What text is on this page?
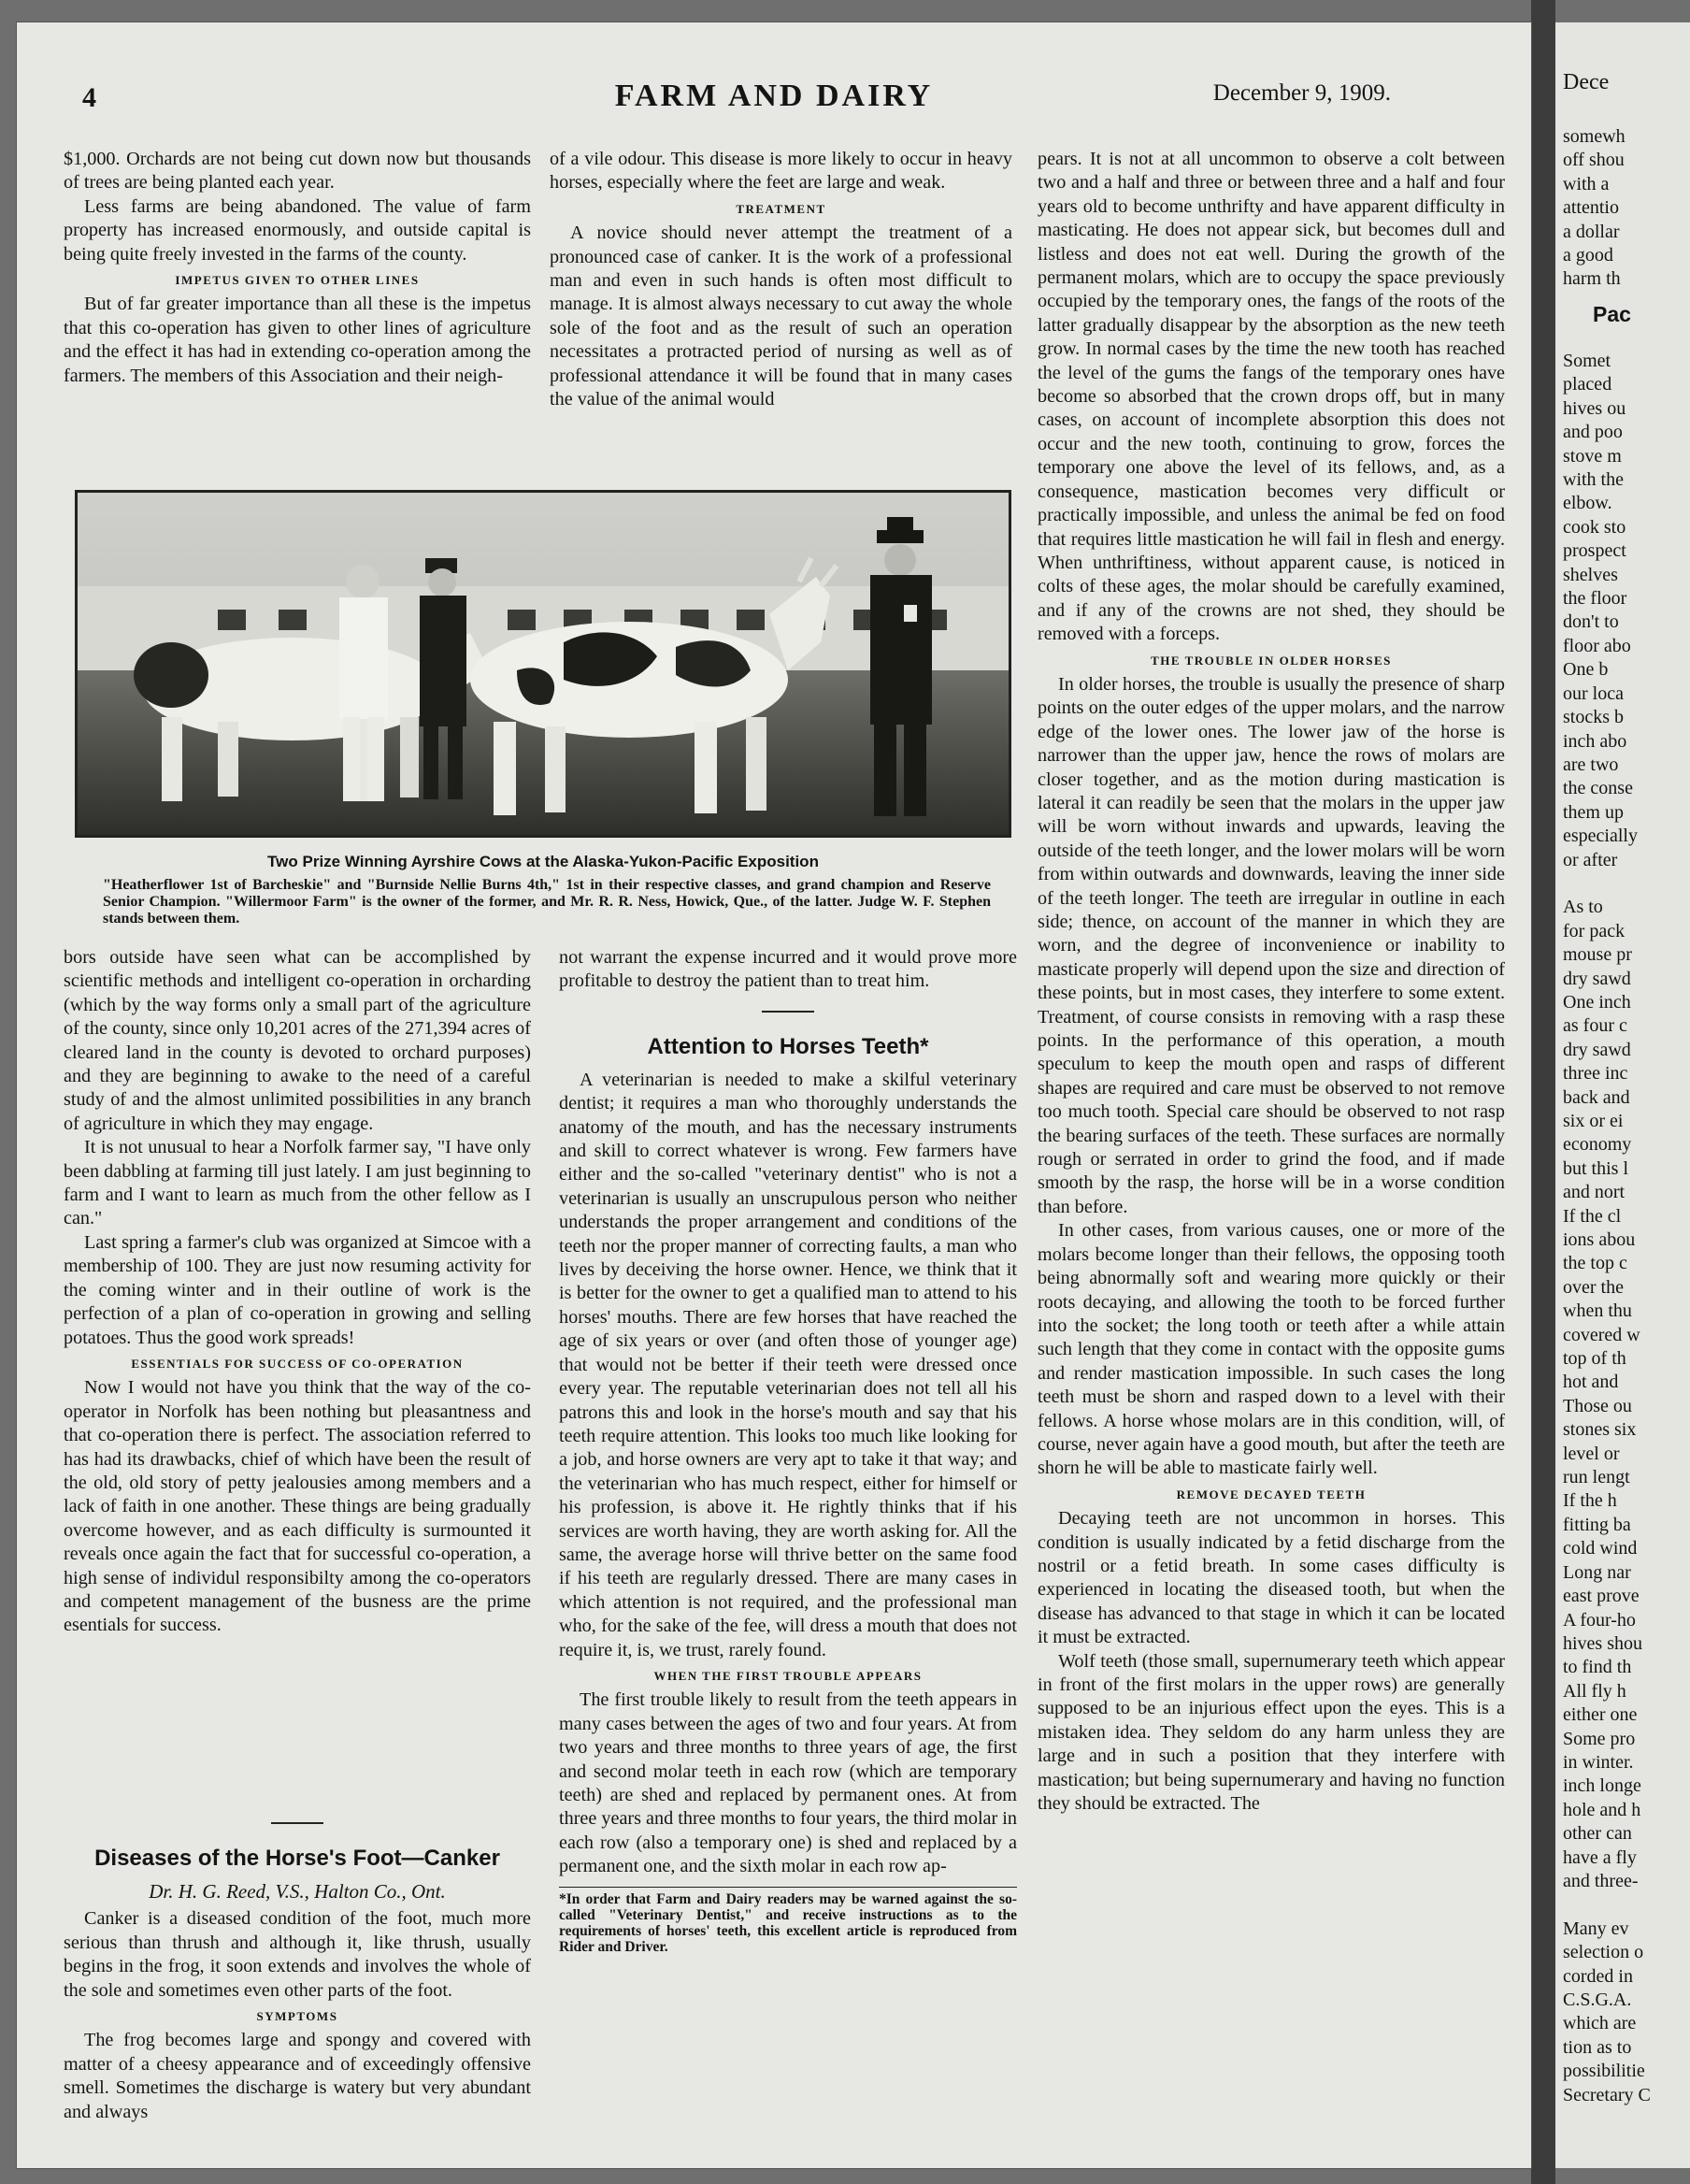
4	FARM AND DAIRY	December 9, 1909.

$1,000. Orchards are not being cut down now but thousands of trees are being planted each year.

Less farms are being abandoned. The value of farm property has increased enormously, and outside capital is being quite freely invested in the farms of the county.

IMPETUS GIVEN TO OTHER LINES

But of far greater importance than all these is the impetus that this co-operation has given to other lines of agriculture and the effect it has had in extending co-operation among the farmers. The members of this Association and their neigh-

of a vile odour. This disease is more likely to occur in heavy horses, especially where the feet are large and weak.

TREATMENT

A novice should never attempt the treatment of a pronounced case of canker. It is the work of a professional man and even in such hands is often most difficult to manage. It is almost always necessary to cut away the whole sole of the foot and as the result of such an operation necessitates a protracted period of nursing as well as of professional attendance it will be found that in many cases the value of the animal would

Two Prize Winning Ayrshire Cows at the Alaska-Yukon-Pacific Exposition
"Heatherflower 1st of Barcheskie" and "Burnside Nellie Burns 4th," 1st in their respective classes, and grand champion and Reserve Senior Champion. "Willermoor Farm" is the owner of the former, and Mr. R. R. Ness, Howick, Que., of the latter. Judge W. F. Stephen stands between them.

bors outside have seen what can be accomplished by scientific methods and intelligent co-operation in orcharding (which by the way forms only a small part of the agriculture of the county, since only 10,201 acres of the 271,394 acres of cleared land in the county is devoted to orchard purposes) and they are beginning to awake to the need of a careful study of and the almost unlimited possibilities in any branch of agriculture in which they may engage.

It is not unusual to hear a Norfolk farmer say, "I have only been dabbling at farming till just lately. I am just beginning to farm and I want to learn as much from the other fellow as I can."

Last spring a farmer's club was organized at Simcoe with a membership of 100. They are just now resuming activity for the coming winter and in their outline of work is the perfection of a plan of co-operation in growing and selling potatoes. Thus the good work spreads!

ESSENTIALS FOR SUCCESS OF CO-OPERATION

Now I would not have you think that the way of the co-operator in Norfolk has been nothing but pleasantness and that co-operation there is perfect. The association referred to has had its drawbacks, chief of which have been the result of the old, old story of petty jealousies among members and a lack of faith in one another. These things are being gradually overcome however, and as each difficulty is surmounted it reveals once again the fact that for successful co-operation, a high sense of individul responsibilty among the co-operators and competent management of the busness are the prime esentials for success.

Diseases of the Horse's Foot—Canker
Dr. H. G. Reed, V.S., Halton Co., Ont.

Canker is a diseased condition of the foot, much more serious than thrush and although it, like thrush, usually begins in the frog, it soon extends and involves the whole of the sole and sometimes even other parts of the foot.

SYMPTOMS

The frog becomes large and spongy and covered with matter of a cheesy appearance and of exceedingly offensive smell. Sometimes the discharge is watery but very abundant and always

not warrant the expense incurred and it would prove more profitable to destroy the patient than to treat him.

Attention to Horses Teeth*

A veterinarian is needed to make a skilful veterinary dentist; it requires a man who thoroughly understands the anatomy of the mouth, and has the necessary instruments and skill to correct whatever is wrong. Few farmers have either and the so-called "veterinary dentist" who is not a veterinarian is usually an unscrupulous person who neither understands the proper arrangement and conditions of the teeth nor the proper manner of correcting faults, a man who lives by deceiving the horse owner. Hence, we think that it is better for the owner to get a qualified man to attend to his horses' mouths. There are few horses that have reached the age of six years or over (and often those of younger age) that would not be better if their teeth were dressed once every year. The reputable veterinarian does not tell all his patrons this and look in the horse's mouth and say that his teeth require attention. This looks too much like looking for a job, and horse owners are very apt to take it that way; and the veterinarian who has much respect, either for himself or his profession, is above it. He rightly thinks that if his services are worth having, they are worth asking for. All the same, the average horse will thrive better on the same food if his teeth are regularly dressed. There are many cases in which attention is not required, and the professional man who, for the sake of the fee, will dress a mouth that does not require it, is, we trust, rarely found.

WHEN THE FIRST TROUBLE APPEARS

The first trouble likely to result from the teeth appears in many cases between the ages of two and four years. At from two years and three months to three years of age, the first and second molar teeth in each row (which are temporary teeth) are shed and replaced by permanent ones. At from three years and three months to four years, the third molar in each row (also a temporary one) is shed and replaced by a permanent one, and the sixth molar in each row ap-

*In order that Farm and Dairy readers may be warned against the so-called "Veterinary Dentist," and receive instructions as to the requirements of horses' teeth, this excellent article is reproduced from Rider and Driver.

pears. It is not at all uncommon to observe a colt between two and a half and three or between three and a half and four years old to become unthrifty and have apparent difficulty in masticating. He does not appear sick, but becomes dull and listless and does not eat well. During the growth of the permanent molars, which are to occupy the space previously occupied by the temporary ones, the fangs of the roots of the latter gradually disappear by the absorption as the new teeth grow. In normal cases by the time the new tooth has reached the level of the gums the fangs of the temporary ones have become so absorbed that the crown drops off, but in many cases, on account of incomplete absorption this does not occur and the new tooth, continuing to grow, forces the temporary one above the level of its fellows, and, as a consequence, mastication becomes very difficult or practically impossible, and unless the animal be fed on food that requires little mastication he will fail in flesh and energy. When unthriftiness, without apparent cause, is noticed in colts of these ages, the molar should be carefully examined, and if any of the crowns are not shed, they should be removed with a forceps.

THE TROUBLE IN OLDER HORSES

In older horses, the trouble is usually the presence of sharp points on the outer edges of the upper molars, and the narrow edge of the lower ones. The lower jaw of the horse is narrower than the upper jaw, hence the rows of molars are closer together, and as the motion during mastication is lateral it can readily be seen that the molars in the upper jaw will be worn without inwards and upwards, leaving the outside of the teeth longer, and the lower molars will be worn from within outwards and downwards, leaving the inner side of the teeth longer. The teeth are irregular in outline in each side; thence, on account of the manner in which they are worn, and the degree of inconvenience or inability to masticate properly will depend upon the size and direction of these points, but in most cases, they interfere to some extent. Treatment, of course consists in removing with a rasp these points. In the performance of this operation, a mouth speculum to keep the mouth open and rasps of different shapes are required and care must be observed to not remove too much tooth. Special care should be observed to not rasp the bearing surfaces of the teeth. These surfaces are normally rough or serrated in order to grind the food, and if made smooth by the rasp, the horse will be in a worse condition than before.

In other cases, from various causes, one or more of the molars become longer than their fellows, the opposing tooth being abnormally soft and wearing more quickly or their roots decaying, and allowing the tooth to be forced further into the socket; the long tooth or teeth after a while attain such length that they come in contact with the opposite gums and render mastication impossible. In such cases the long teeth must be shorn and rasped down to a level with their fellows. A horse whose molars are in this condition, will, of course, never again have a good mouth, but after the teeth are shorn he will be able to masticate fairly well.

REMOVE DECAYED TEETH

Decaying teeth are not uncommon in horses. This condition is usually indicated by a fetid discharge from the nostril or a fetid breath. In some cases difficulty is experienced in locating the diseased tooth, but when the disease has advanced to that stage in which it can be located it must be extracted.

Wolf teeth (those small, supernumerary teeth which appear in front of the first molars in the upper rows) are generally supposed to be an injurious effect upon the eyes. This is a mistaken idea. They seldom do any harm unless they are large and in such a position that they interfere with mastication; but being supernumerary and having no function they should be extracted. The

Dece
somewh
off shou
with a
attentio
a dollar
a good
harm th
Pac
Somet
placed
hives ou
and poo
stove m
with the
elbow.
cook sto
prospect
shelves
the floor
don't to
floor abo
One b
our loca
stocks b
inch abo
are two
the conse
them up
especially
or after
As to
for pack
mouse pr
dry sawd
One inch
as four c
dry sawd
three inc
back and
six or ei
economy
but this l
and nort
If the cl
ions abou
the top c
over the
when thu
covered w
top of th
hot and
Those ou
stones six
level or
run lengt
If the h
fitting ba
cold wind
Long nar
east prove
A four-ho
hives shou
to find th
All fly h
either one
Some pro
in winter.
inch longe
hole and h
other can
have a fly
and three-
Many ev
selection o
corded in
C.S.G.A.
which are
tion as to
possibilitie
Secretary C
